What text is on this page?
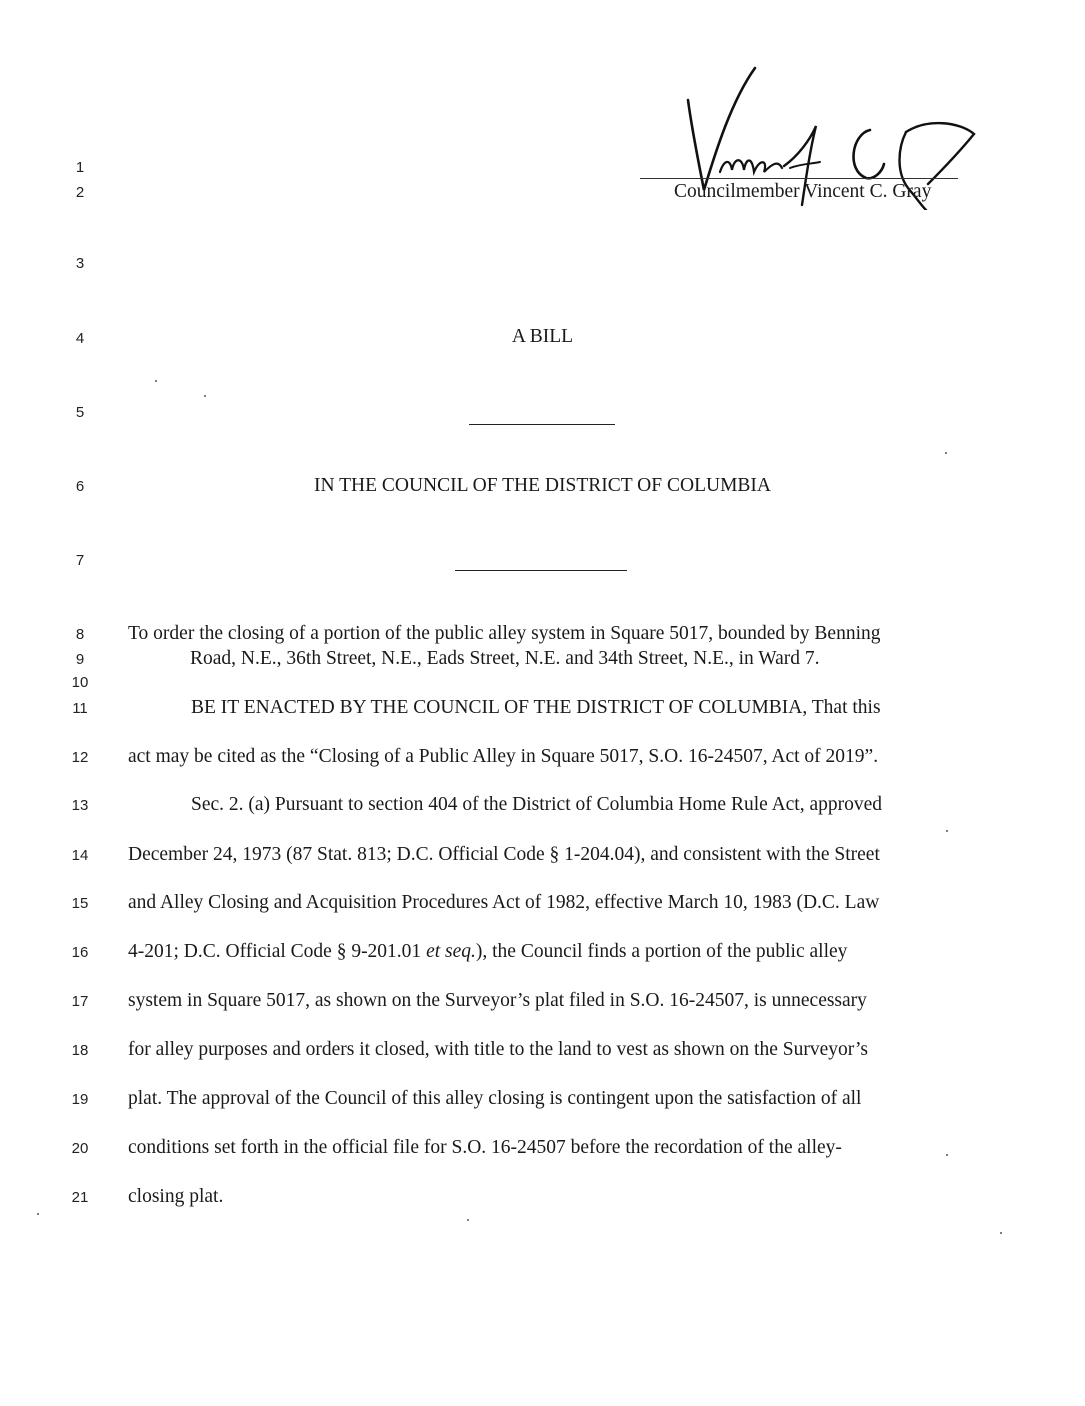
Councilmember Vincent C. Gray
1
2
3
4
5
6
7
8
9
10
11
12
13
14
15
16
17
18
19
20
21
A BILL
IN THE COUNCIL OF THE DISTRICT OF COLUMBIA
To order the closing of a portion of the public alley system in Square 5017, bounded by Benning
Road, N.E., 36th Street, N.E., Eads Street, N.E. and 34th Street, N.E., in Ward 7.
BE IT ENACTED BY THE COUNCIL OF THE DISTRICT OF COLUMBIA, That this
act may be cited as the “Closing of a Public Alley in Square 5017, S.O. 16-24507, Act of 2019”.
Sec. 2. (a) Pursuant to section 404 of the District of Columbia Home Rule Act, approved
December 24, 1973 (87 Stat. 813; D.C. Official Code § 1-204.04), and consistent with the Street
and Alley Closing and Acquisition Procedures Act of 1982, effective March 10, 1983 (D.C. Law
4-201; D.C. Official Code § 9-201.01 et seq.), the Council finds a portion of the public alley
system in Square 5017, as shown on the Surveyor’s plat filed in S.O. 16-24507, is unnecessary
for alley purposes and orders it closed, with title to the land to vest as shown on the Surveyor’s
plat. The approval of the Council of this alley closing is contingent upon the satisfaction of all
conditions set forth in the official file for S.O. 16-24507 before the recordation of the alley-
closing plat.
